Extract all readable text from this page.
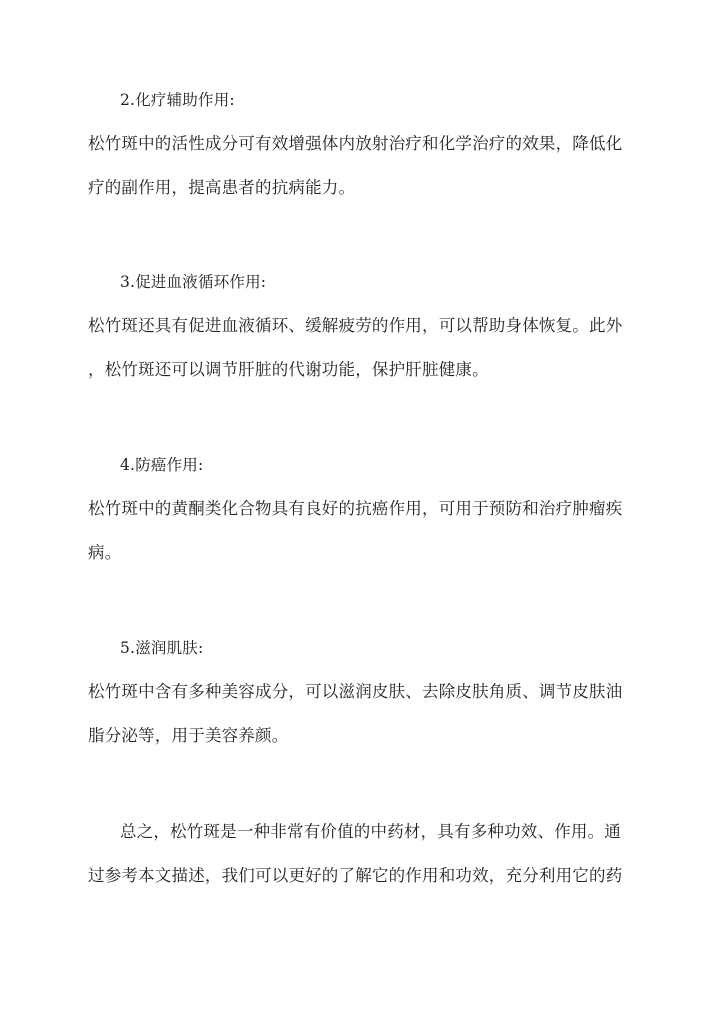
2.化疗辅助作用:
松竹斑中的活性成分可有效增强体内放射治疗和化学治疗的效果，降低化
疗的副作用，提高患者的抗病能力。
3.促进血液循环作用:
松竹斑还具有促进血液循环、缓解疲劳的作用，可以帮助身体恢复。此外
，松竹斑还可以调节肝脏的代谢功能，保护肝脏健康。
4.防癌作用:
松竹斑中的黄酮类化合物具有良好的抗癌作用，可用于预防和治疗肿瘤疾
病。
5.滋润肌肤:
松竹斑中含有多种美容成分，可以滋润皮肤、去除皮肤角质、调节皮肤油
脂分泌等，用于美容养颜。
总之，松竹斑是一种非常有价值的中药材，具有多种功效、作用。通
过参考本文描述，我们可以更好的了解它的作用和功效，充分利用它的药
